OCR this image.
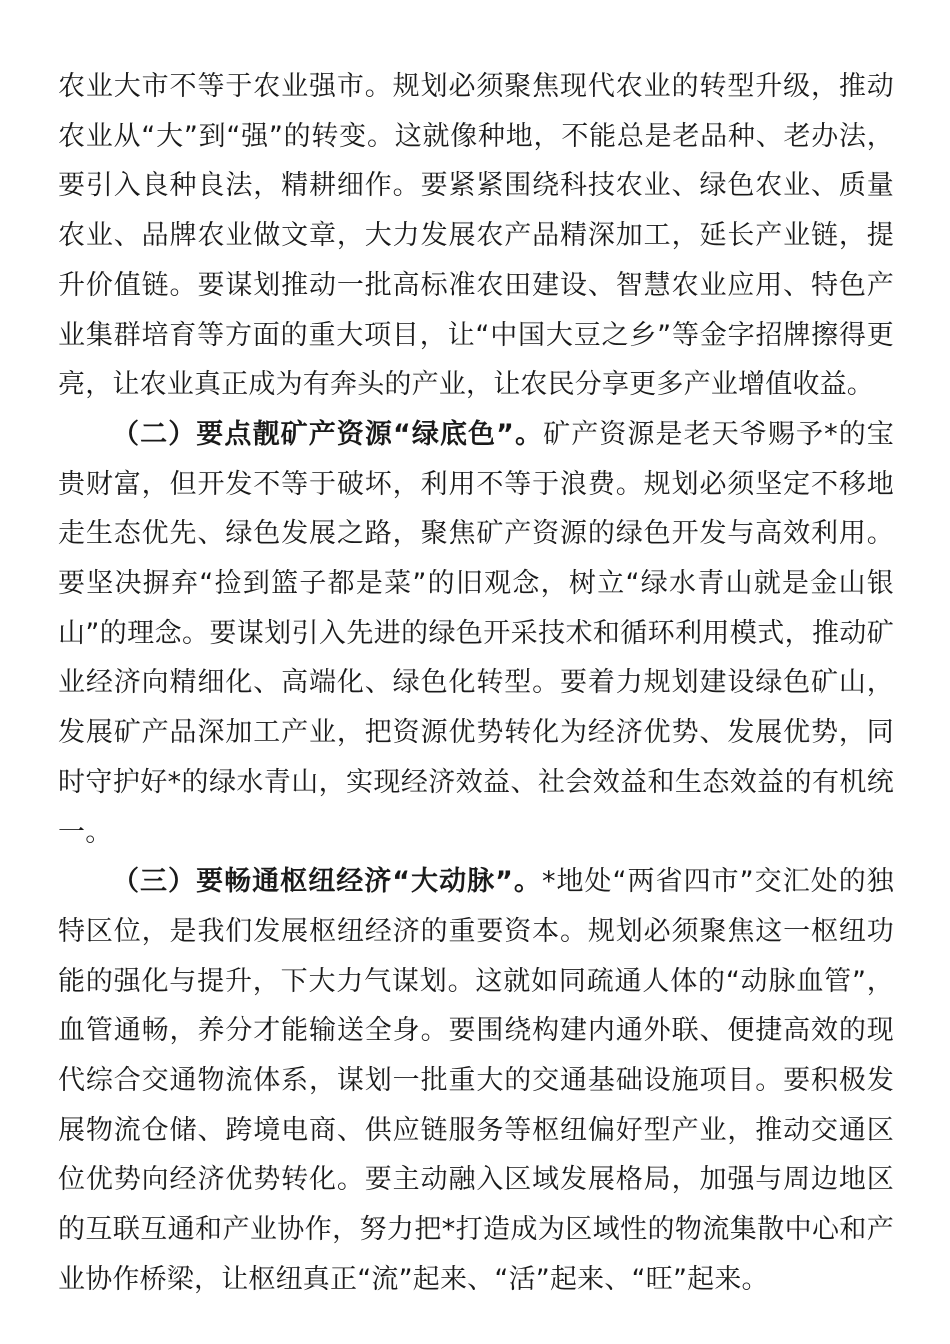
农业大市不等于农业强市。规划必须聚焦现代农业的转型升级，推动农业从“大”到“强”的转变。这就像种地，不能总是老品种、老办法，要引入良种良法，精耕细作。要紧紧围绕科技农业、绿色农业、质量农业、品牌农业做文章，大力发展农产品精深加工，延长产业链，提升价值链。要谋划推动一批高标准农田建设、智慧农业应用、特色产业集群培育等方面的重大项目，让“中国大豆之乡”等金字招牌擦得更亮，让农业真正成为有奔头的产业，让农民分享更多产业增值收益。

（二）要点靓矿产资源“绿底色”。矿产资源是老天爷赐予*的宝贵财富，但开发不等于破坏，利用不等于浪费。规划必须坚定不移地走生态优先、绿色发展之路，聚焦矿产资源的绿色开发与高效利用。要坚决摒弃“捡到篮子都是菜”的旧观念，树立“绿水青山就是金山银山”的理念。要谋划引入先进的绿色开采技术和循环利用模式，推动矿业经济向精细化、高端化、绿色化转型。要着力规划建设绿色矿山，发展矿产品深加工产业，把资源优势转化为经济优势、发展优势，同时守护好*的绿水青山，实现经济效益、社会效益和生态效益的有机统一。

（三）要畅通枢纽经济“大动脉”。*地处“两省四市”交汇处的独特区位，是我们发展枢纽经济的重要资本。规划必须聚焦这一枢纽功能的强化与提升，下大力气谋划。这就如同疏通人体的“动脉血管”，血管通畅，养分才能输送全身。要围绕构建内通外联、便捷高效的现代综合交通物流体系，谋划一批重大的交通基础设施项目。要积极发展物流仓储、跨境电商、供应链服务等枢纽偏好型产业，推动交通区位优势向经济优势转化。要主动融入区域发展格局，加强与周边地区的互联互通和产业协作，努力把*打造成为区域性的物流集散中心和产业协作桥梁，让枢纽真正“流”起来、“活”起来、“旺”起来。
